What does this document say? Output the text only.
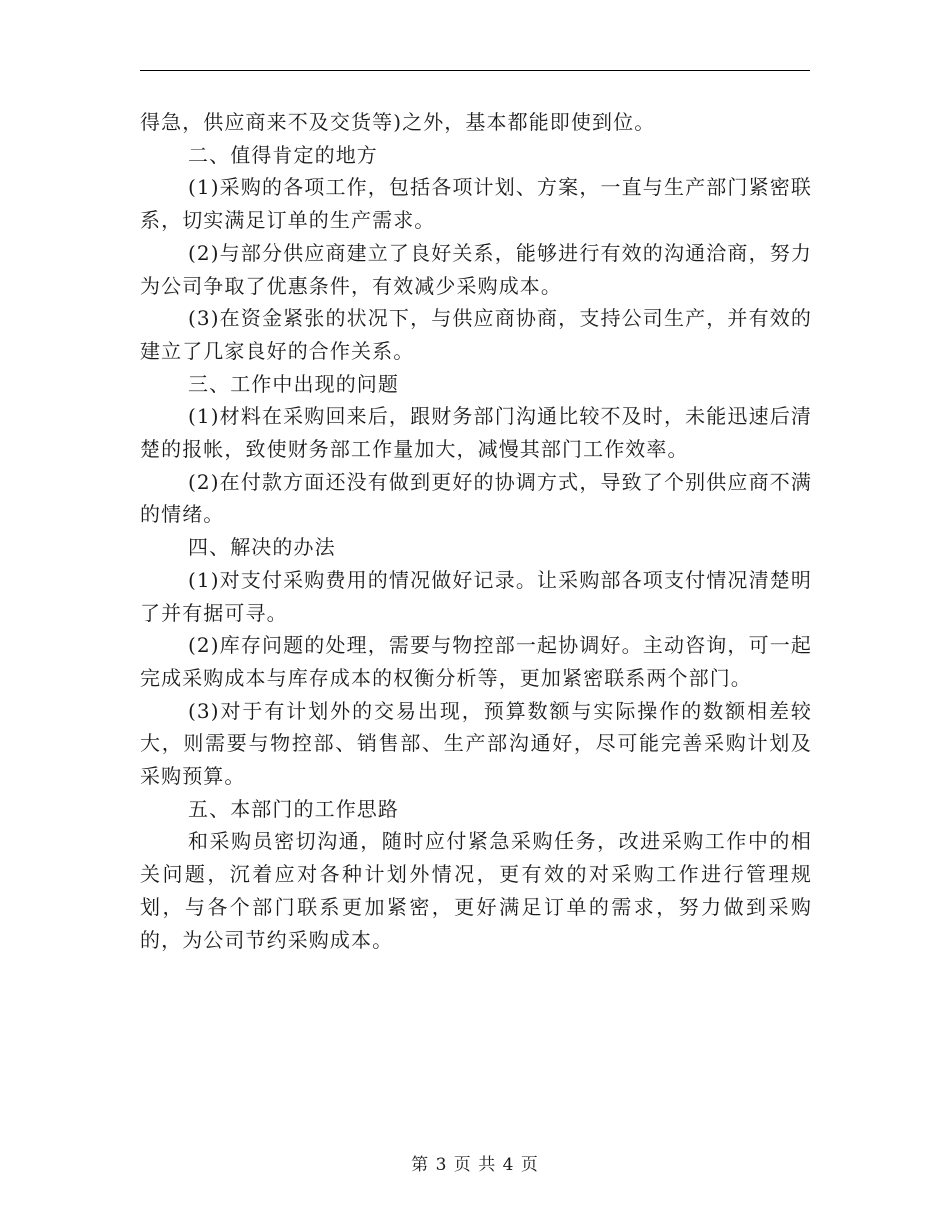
得急，供应商来不及交货等)之外，基本都能即使到位。

二、值得肯定的地方

(1)采购的各项工作，包括各项计划、方案，一直与生产部门紧密联系，切实满足订单的生产需求。

(2)与部分供应商建立了良好关系，能够进行有效的沟通洽商，努力为公司争取了优惠条件，有效减少采购成本。

(3)在资金紧张的状况下，与供应商协商，支持公司生产，并有效的建立了几家良好的合作关系。

三、工作中出现的问题

(1)材料在采购回来后，跟财务部门沟通比较不及时，未能迅速后清楚的报帐，致使财务部工作量加大，减慢其部门工作效率。

(2)在付款方面还没有做到更好的协调方式，导致了个别供应商不满的情绪。

四、解决的办法

(1)对支付采购费用的情况做好记录。让采购部各项支付情况清楚明了并有据可寻。

(2)库存问题的处理，需要与物控部一起协调好。主动咨询，可一起完成采购成本与库存成本的权衡分析等，更加紧密联系两个部门。

(3)对于有计划外的交易出现，预算数额与实际操作的数额相差较大，则需要与物控部、销售部、生产部沟通好，尽可能完善采购计划及采购预算。

五、本部门的工作思路

和采购员密切沟通，随时应付紧急采购任务，改进采购工作中的相关问题，沉着应对各种计划外情况，更有效的对采购工作进行管理规划，与各个部门联系更加紧密，更好满足订单的需求，努力做到采购的，为公司节约采购成本。

第 3 页 共 4 页
